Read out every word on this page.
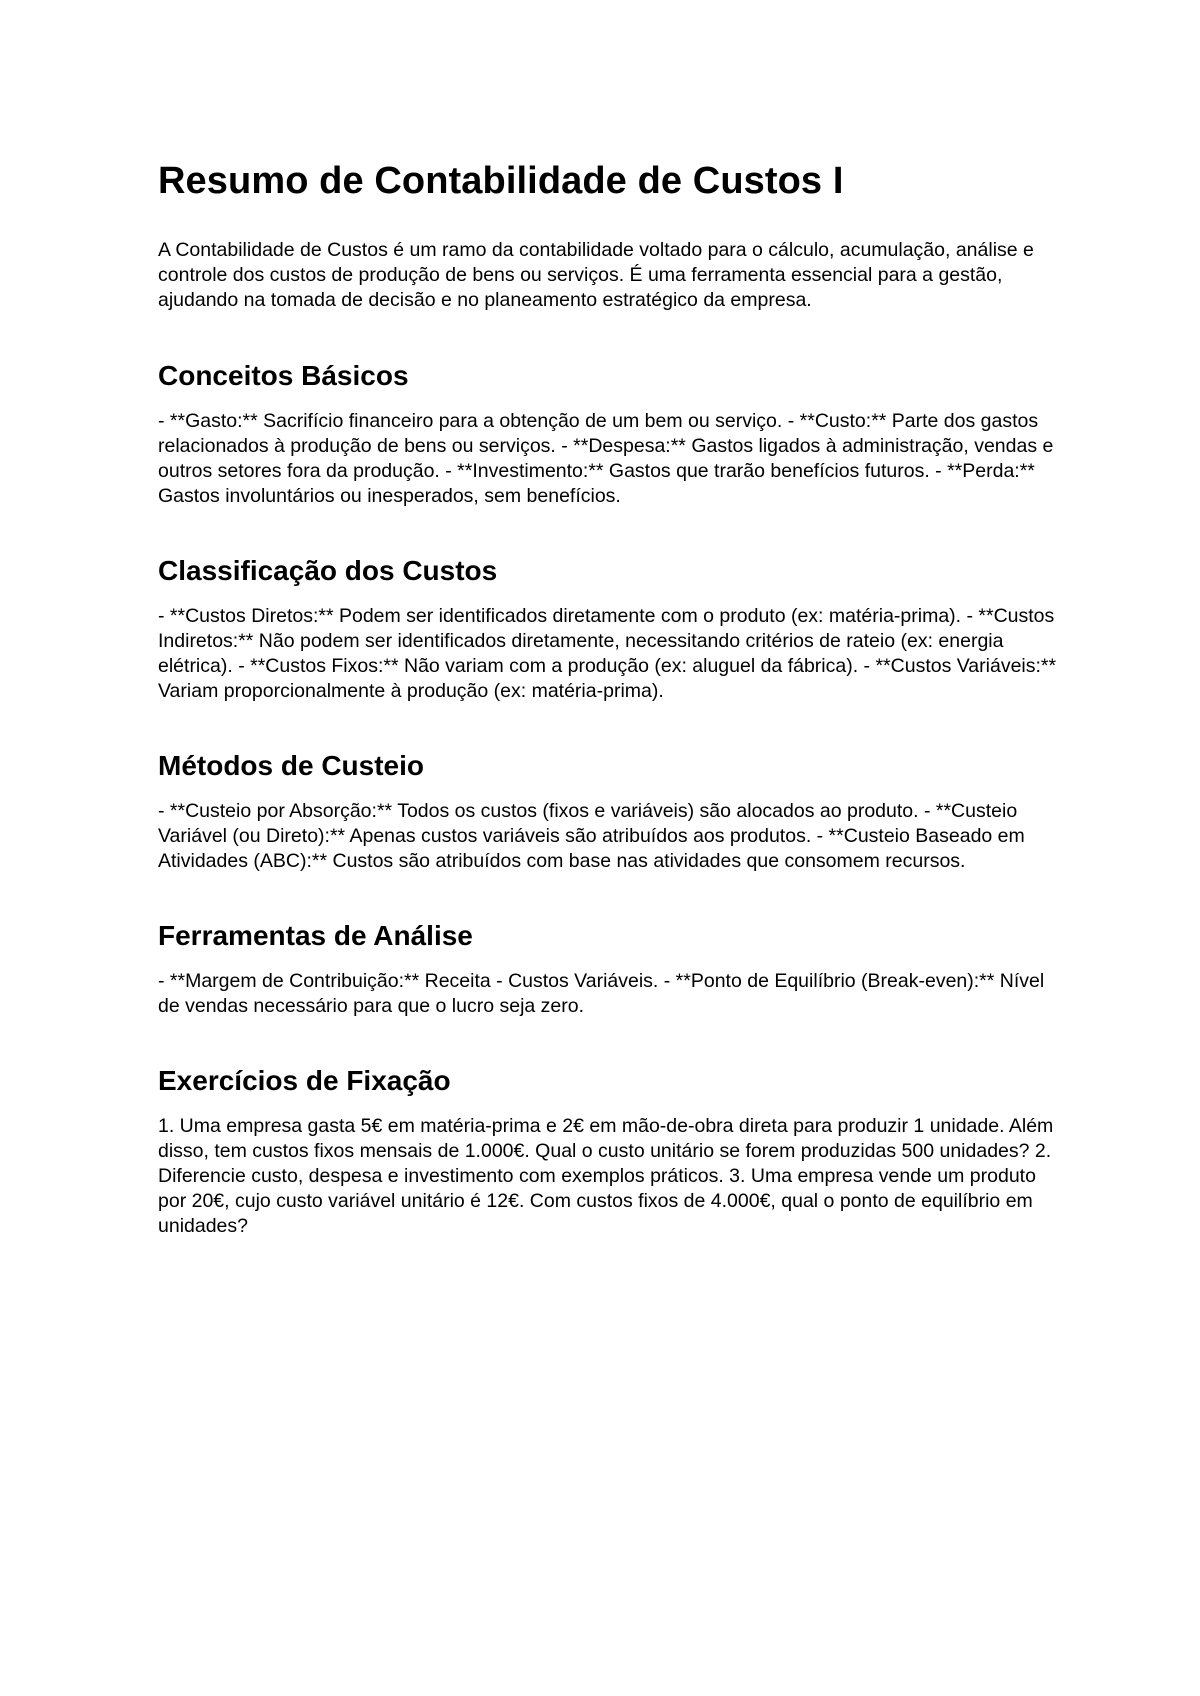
Resumo de Contabilidade de Custos I

A Contabilidade de Custos é um ramo da contabilidade voltado para o cálculo, acumulação, análise e controle dos custos de produção de bens ou serviços. É uma ferramenta essencial para a gestão, ajudando na tomada de decisão e no planeamento estratégico da empresa.

Conceitos Básicos

- **Gasto:** Sacrifício financeiro para a obtenção de um bem ou serviço. - **Custo:** Parte dos gastos relacionados à produção de bens ou serviços. - **Despesa:** Gastos ligados à administração, vendas e outros setores fora da produção. - **Investimento:** Gastos que trarão benefícios futuros. - **Perda:** Gastos involuntários ou inesperados, sem benefícios.

Classificação dos Custos

- **Custos Diretos:** Podem ser identificados diretamente com o produto (ex: matéria-prima). - **Custos Indiretos:** Não podem ser identificados diretamente, necessitando critérios de rateio (ex: energia elétrica). - **Custos Fixos:** Não variam com a produção (ex: aluguel da fábrica). - **Custos Variáveis:** Variam proporcionalmente à produção (ex: matéria-prima).

Métodos de Custeio

- **Custeio por Absorção:** Todos os custos (fixos e variáveis) são alocados ao produto. - **Custeio Variável (ou Direto):** Apenas custos variáveis são atribuídos aos produtos. - **Custeio Baseado em Atividades (ABC):** Custos são atribuídos com base nas atividades que consomem recursos.

Ferramentas de Análise

- **Margem de Contribuição:** Receita - Custos Variáveis. - **Ponto de Equilíbrio (Break-even):** Nível de vendas necessário para que o lucro seja zero.

Exercícios de Fixação

1. Uma empresa gasta 5€ em matéria-prima e 2€ em mão-de-obra direta para produzir 1 unidade. Além disso, tem custos fixos mensais de 1.000€. Qual o custo unitário se forem produzidas 500 unidades? 2. Diferencie custo, despesa e investimento com exemplos práticos. 3. Uma empresa vende um produto por 20€, cujo custo variável unitário é 12€. Com custos fixos de 4.000€, qual o ponto de equilíbrio em unidades?
